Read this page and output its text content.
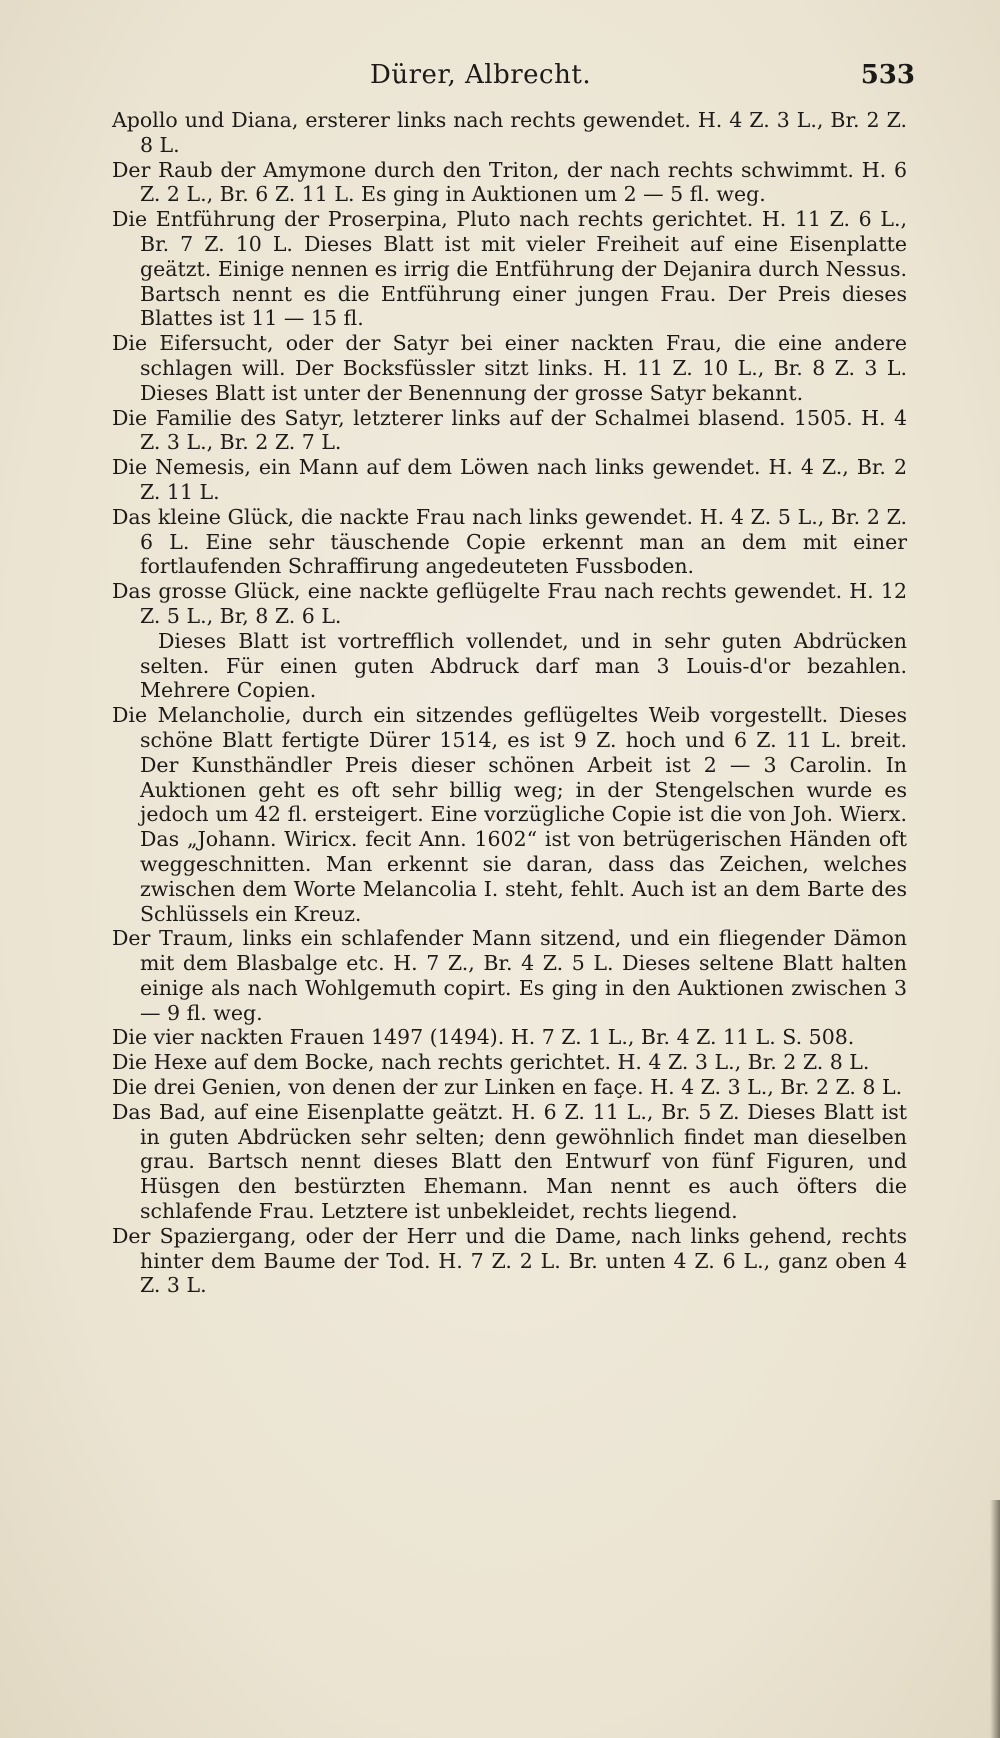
Dürer, Albrecht.	533

Apollo und Diana, ersterer links nach rechts gewendet. H. 4 Z. 3 L., Br. 2 Z. 8 L.

Der Raub der Amymone durch den Triton, der nach rechts schwimmt. H. 6 Z. 2 L., Br. 6 Z. 11 L. Es ging in Auktionen um 2 — 5 fl. weg.

Die Entführung der Proserpina, Pluto nach rechts gerichtet. H. 11 Z. 6 L., Br. 7 Z. 10 L. Dieses Blatt ist mit vieler Freiheit auf eine Eisenplatte geätzt. Einige nennen es irrig die Entführung der Dejanira durch Nessus. Bartsch nennt es die Entführung einer jungen Frau. Der Preis dieses Blattes ist 11 — 15 fl.

Die Eifersucht, oder der Satyr bei einer nackten Frau, die eine andere schlagen will. Der Bocksfüssler sitzt links. H. 11 Z. 10 L., Br. 8 Z. 3 L. Dieses Blatt ist unter der Benennung der grosse Satyr bekannt.

Die Familie des Satyr, letzterer links auf der Schalmei blasend. 1505. H. 4 Z. 3 L., Br. 2 Z. 7 L.

Die Nemesis, ein Mann auf dem Löwen nach links gewendet. H. 4 Z., Br. 2 Z. 11 L.

Das kleine Glück, die nackte Frau nach links gewendet. H. 4 Z. 5 L., Br. 2 Z. 6 L. Eine sehr täuschende Copie erkennt man an dem mit einer fortlaufenden Schraffirung angedeuteten Fussboden.

Das grosse Glück, eine nackte geflügelte Frau nach rechts gewendet. H. 12 Z. 5 L., Br, 8 Z. 6 L.
Dieses Blatt ist vortrefflich vollendet, und in sehr guten Abdrücken selten. Für einen guten Abdruck darf man 3 Louis-d'or bezahlen. Mehrere Copien.

Die Melancholie, durch ein sitzendes geflügeltes Weib vorgestellt. Dieses schöne Blatt fertigte Dürer 1514, es ist 9 Z. hoch und 6 Z. 11 L. breit. Der Kunsthändler Preis dieser schönen Arbeit ist 2 — 3 Carolin. In Auktionen geht es oft sehr billig weg; in der Stengelschen wurde es jedoch um 42 fl. ersteigert. Eine vorzügliche Copie ist die von Joh. Wierx. Das „Johann. Wiricx. fecit Ann. 1602“ ist von betrügerischen Händen oft weggeschnitten. Man erkennt sie daran, dass das Zeichen, welches zwischen dem Worte Melancolia I. steht, fehlt. Auch ist an dem Barte des Schlüssels ein Kreuz.

Der Traum, links ein schlafender Mann sitzend, und ein fliegender Dämon mit dem Blasbalge etc. H. 7 Z., Br. 4 Z. 5 L. Dieses seltene Blatt halten einige als nach Wohlgemuth copirt. Es ging in den Auktionen zwischen 3 — 9 fl. weg.

Die vier nackten Frauen 1497 (1494). H. 7 Z. 1 L., Br. 4 Z. 11 L. S. 508.

Die Hexe auf dem Bocke, nach rechts gerichtet. H. 4 Z. 3 L., Br. 2 Z. 8 L.

Die drei Genien, von denen der zur Linken en façe. H. 4 Z. 3 L., Br. 2 Z. 8 L.

Das Bad, auf eine Eisenplatte geätzt. H. 6 Z. 11 L., Br. 5 Z. Dieses Blatt ist in guten Abdrücken sehr selten; denn gewöhnlich findet man dieselben grau. Bartsch nennt dieses Blatt den Entwurf von fünf Figuren, und Hüsgen den bestürzten Ehemann. Man nennt es auch öfters die schlafende Frau. Letztere ist unbekleidet, rechts liegend.

Der Spaziergang, oder der Herr und die Dame, nach links gehend, rechts hinter dem Baume der Tod. H. 7 Z. 2 L. Br. unten 4 Z. 6 L., ganz oben 4 Z. 3 L.
